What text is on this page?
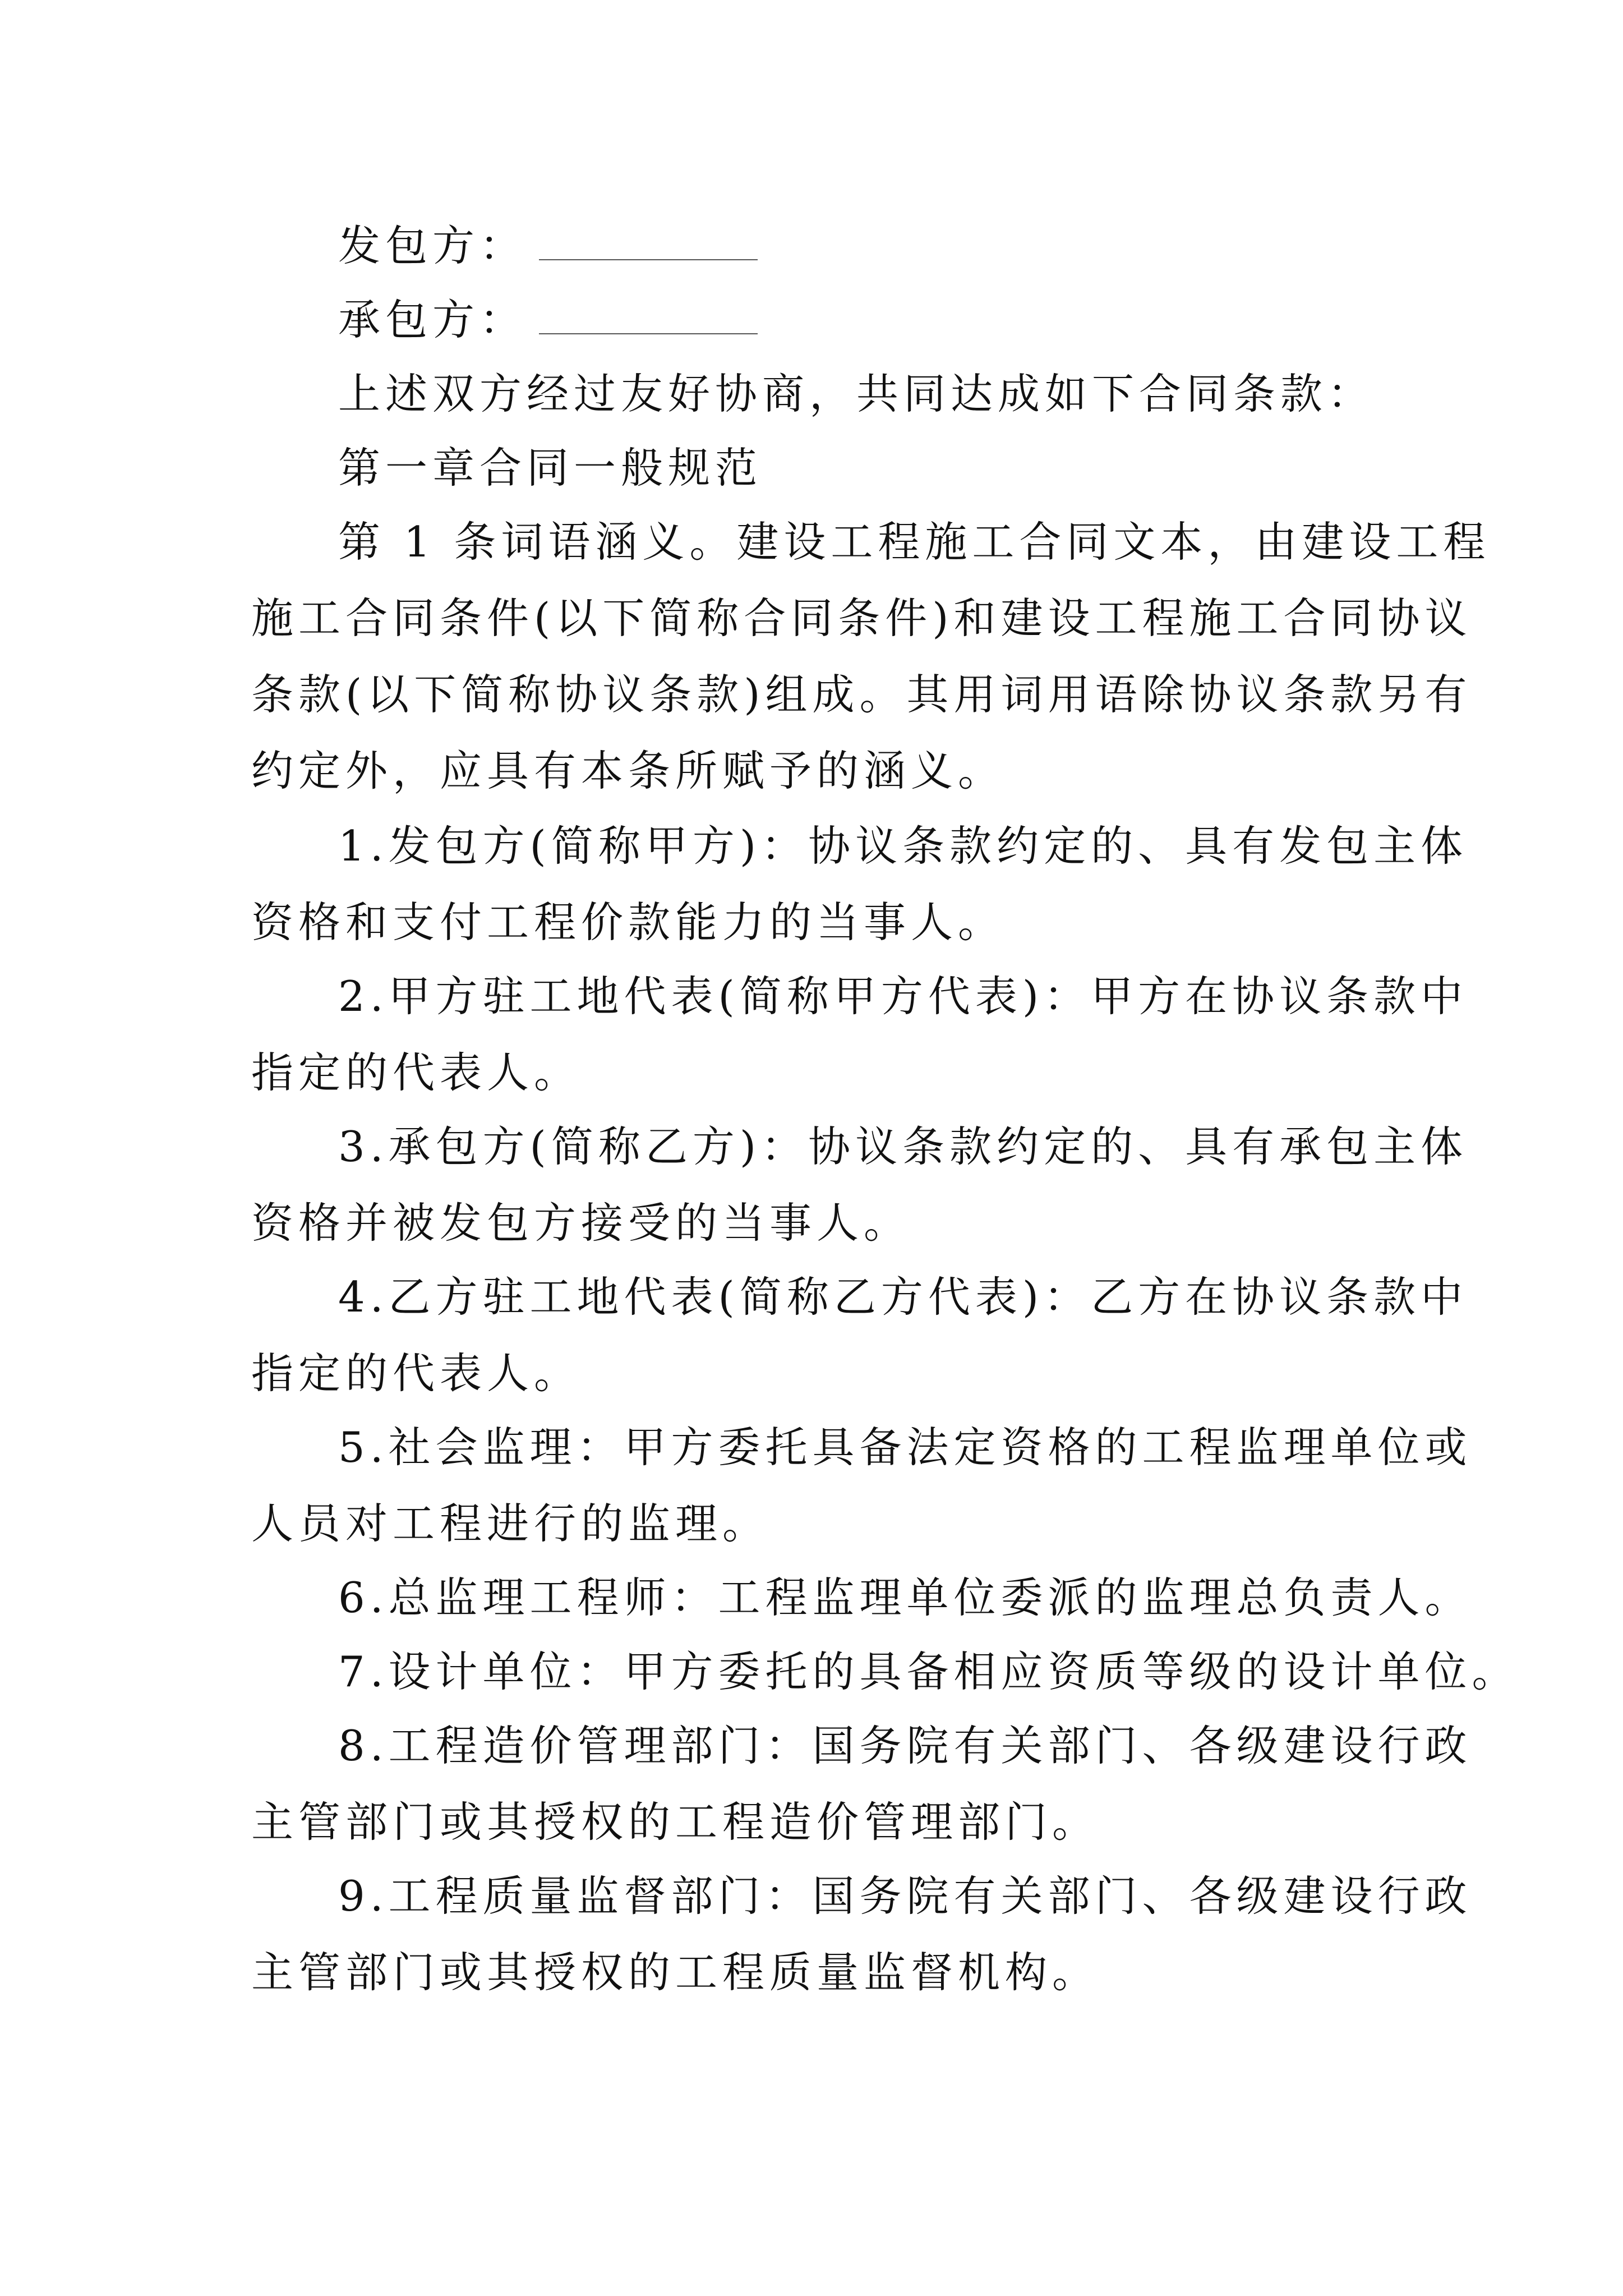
发包方：

承包方：

上述双方经过友好协商，共同达成如下合同条款：

第一章合同一般规范

第 1 条词语涵义。建设工程施工合同文本，由建设工程
施工合同条件(以下简称合同条件)和建设工程施工合同协议
条款(以下简称协议条款)组成。其用词用语除协议条款另有
约定外，应具有本条所赋予的涵义。
1.发包方(简称甲方)：协议条款约定的、具有发包主体
资格和支付工程价款能力的当事人。
2.甲方驻工地代表(简称甲方代表)：甲方在协议条款中
指定的代表人。
3.承包方(简称乙方)：协议条款约定的、具有承包主体
资格并被发包方接受的当事人。
4.乙方驻工地代表(简称乙方代表)：乙方在协议条款中
指定的代表人。
5.社会监理：甲方委托具备法定资格的工程监理单位或
人员对工程进行的监理。
6.总监理工程师：工程监理单位委派的监理总负责人。
7.设计单位：甲方委托的具备相应资质等级的设计单位。
8.工程造价管理部门：国务院有关部门、各级建设行政
主管部门或其授权的工程造价管理部门。
9.工程质量监督部门：国务院有关部门、各级建设行政
主管部门或其授权的工程质量监督机构。
